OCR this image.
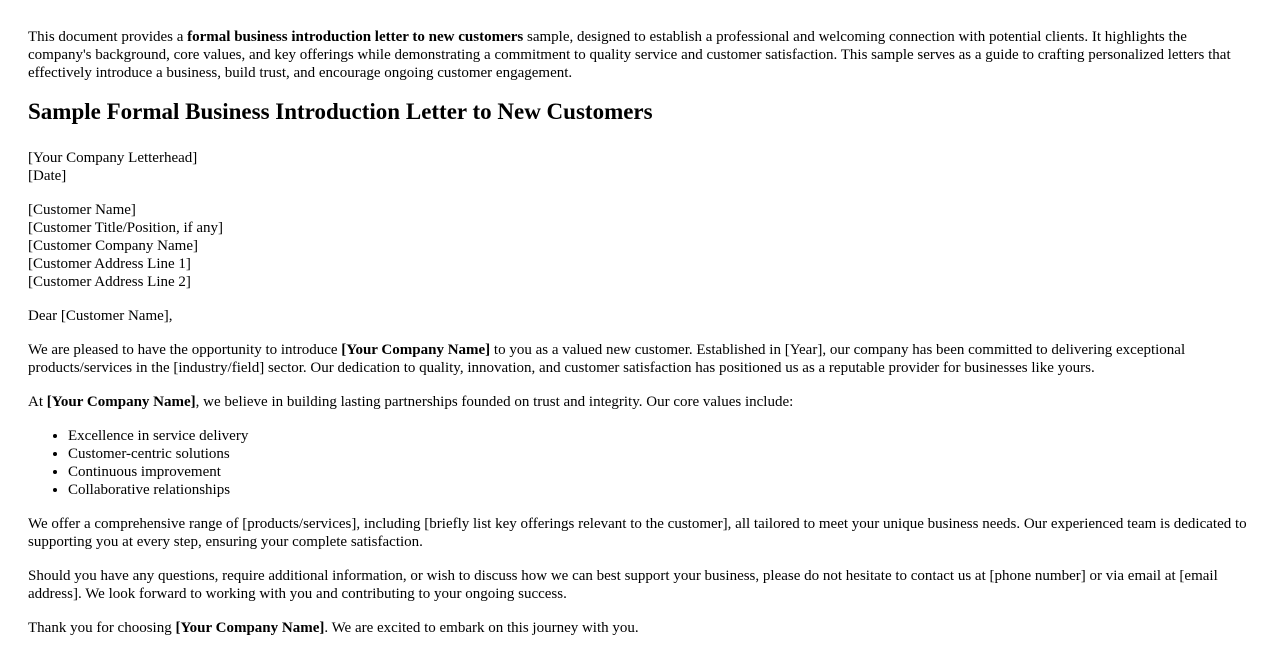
This document provides a formal business introduction letter to new customers sample, designed to establish a professional and welcoming connection with potential clients. It highlights the company's background, core values, and key offerings while demonstrating a commitment to quality service and customer satisfaction. This sample serves as a guide to crafting personalized letters that effectively introduce a business, build trust, and encourage ongoing customer engagement.

Sample Formal Business Introduction Letter to New Customers

[Your Company Letterhead]
[Date]

[Customer Name]
[Customer Title/Position, if any]
[Customer Company Name]
[Customer Address Line 1]
[Customer Address Line 2]

Dear [Customer Name],

We are pleased to have the opportunity to introduce [Your Company Name] to you as a valued new customer. Established in [Year], our company has been committed to delivering exceptional products/services in the [industry/field] sector. Our dedication to quality, innovation, and customer satisfaction has positioned us as a reputable provider for businesses like yours.

At [Your Company Name], we believe in building lasting partnerships founded on trust and integrity. Our core values include:

• Excellence in service delivery
• Customer-centric solutions
• Continuous improvement
• Collaborative relationships

We offer a comprehensive range of [products/services], including [briefly list key offerings relevant to the customer], all tailored to meet your unique business needs. Our experienced team is dedicated to supporting you at every step, ensuring your complete satisfaction.

Should you have any questions, require additional information, or wish to discuss how we can best support your business, please do not hesitate to contact us at [phone number] or via email at [email address]. We look forward to working with you and contributing to your ongoing success.

Thank you for choosing [Your Company Name]. We are excited to embark on this journey with you.
